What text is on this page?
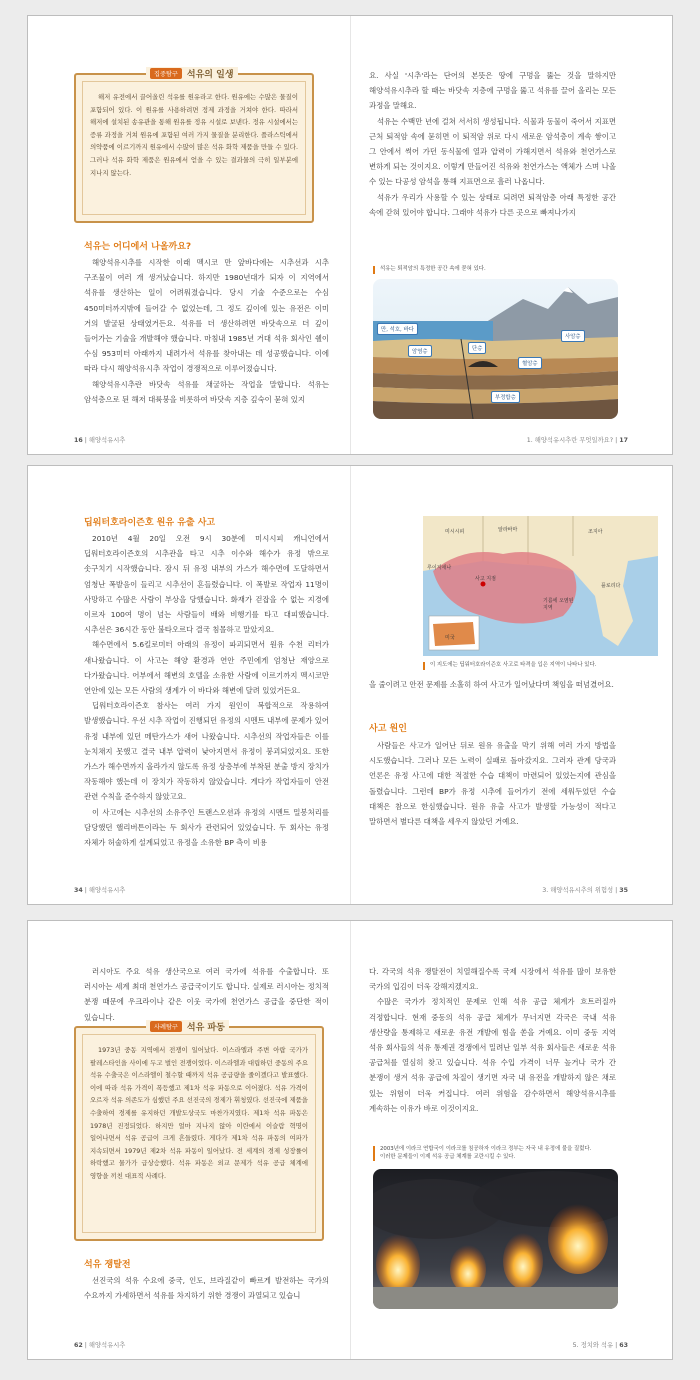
집중탐구	석유의 일생
해저 유전에서 끌어올린 석유를 원유라고 한다. 원유에는 수많은 물질이 포함되어 있다. 이 원유를 사용하려면 정제 과정을 거쳐야 한다. 따라서 해저에 설치된 송유관을 통해 원유를 정유 시설로 보낸다. 정유 시설에서는 증류 과정을 거쳐 원유에 포함된 여러 가지 물질을 분리한다. 플라스틱에서 의약품에 이르기까지 원유에서 수많이 많은 석유 화학 제품을 만들 수 있다. 그러나 석유 화학 제품은 원유에서 얻을 수 있는 결과물의 극히 일부분에 지나지 않는다.
석유는 어디에서 나올까요?

해양석유시추를 시작한 이래 멕시코 만 앞바다에는 시추선과 시추 구조물이 여러 개 생겨났습니다. 하지만 1980년대가 되자 이 지역에서 석유를 생산하는 일이 어려워졌습니다. 당시 기술 수준으로는 수심 450미터까지밖에 들어갈 수 없었는데, 그 정도 깊이에 있는 유전은 이미 거의 발굴된 상태였거든요. 석유를 더 생산하려면 바닷속으로 더 깊이 들어가는 기술을 개발해야 했습니다. 마침내 1985년 거대 석유 회사인 쉘이 수심 953미터 아래까지 내려가서 석유를 찾아내는 데 성공했습니다. 이에 따라 다시 해양석유시추 작업이 경쟁적으로 이루어졌습니다.

해양석유시추란 바닷속 석유를 채굴하는 작업을 말합니다. 석유는 암석층으로 된 해저 대륙붕을 비롯하여 바닷속 지층 깊숙이 묻혀 있지

16 | 해양석유시추

요. 사실 '시추'라는 단어의 본뜻은 땅에 구멍을 뚫는 것을 말하지만 해양석유시추라 할 때는 바닷속 지층에 구멍을 뚫고 석유를 끌어 올리는 모든 과정을 말해요.

석유는 수백만 년에 걸쳐 서서히 생성됩니다. 식물과 동물이 죽어서 지표면 근처 퇴적암 속에 묻히면 이 퇴적암 위로 다시 새로운 암석층이 계속 쌓이고 그 안에서 썩어 가던 동식물에 열과 압력이 가해지면서 석유와 천연가스로 변하게 되는 것이지요. 이렇게 만들어진 석유와 천연가스는 액체가 스며 나올 수 있는 다공성 암석을 통해 지표면으로 흘러 나옵니다.

석유가 우리가 사용할 수 있는 상태로 되려면 퇴적암층 아래 특정한 공간 속에 갇혀 있어야 합니다. 그래야 석유가 다른 곳으로 빠져나가지

석유는 퇴적암의 특정한 공간 속에 묻혀 있다.
만, 석호, 바다
암염층	단층
사암층
혈암층
부정합층
1. 해양석유시추란 무엇일까요? | 17
딥워터호라이즌호 원유 유출 사고

2010년 4월 20일 오전 9시 30분에 미시시피 캐니언에서 딥워터호라이즌호의 시추관을 타고 시추 이수와 해수가 유정 밖으로 솟구치기 시작했습니다. 잠시 뒤 유정 내부의 가스가 해수면에 도달하면서 엄청난 폭발음이 들리고 시추선이 흔들렸습니다. 이 폭발로 작업자 11명이 사망하고 수많은 사람이 부상을 당했습니다. 화재가 걷잡을 수 없는 지경에 이르자 100여 명이 넘는 사람들이 배와 비행기를 타고 대피했습니다. 시추선은 36시간 동안 불타오르다 결국 침몰하고 말았지요.

해수면에서 5.6킬로미터 아래의 유정이 파괴되면서 원유 수천 리터가 새나왔습니다. 이 사고는 해양 환경과 연안 주민에게 엄청난 재앙으로 다가왔습니다. 어부에서 해변의 호텔을 소유한 사람에 이르기까지 멕시코만 연안에 있는 모든 사람의 생계가 이 바다와 해변에 달려 있었거든요.

딥워터호라이즌호 참사는 여러 가지 원인이 복합적으로 작용하여 발생했습니다. 우선 시추 작업이 진행되던 유정의 시멘트 내부에 문제가 있어 유정 내부에 있던 메탄가스가 새어 나왔습니다. 시추선의 작업자들은 이를 눈치채지 못했고 결국 내부 압력이 낮아지면서 유정이 붕괴되었지요. 또한 가스가 해수면까지 올라가지 않도록 유정 상층부에 부착된 분출 방지 장치가 작동해야 했는데 이 장치가 작동하지 않았습니다. 게다가 작업자들이 안전 관련 수칙을 준수하지 않았고요.

이 사고에는 시추선의 소유주인 트랜스오션과 유정의 시멘트 밀봉처리를 담당했던 핼리버튼이라는 두 회사가 관련되어 있었습니다. 두 회사는 유정 자체가 허술하게 설계되었고 유정을 소유한 BP 측이 비용

34 | 해양석유시추
미시시피	알라바마	조지아
루이지애나
사고 지점
플로리다
기름에 오염된 지역
미국
이 지도에는 딥워터호라이즌호 사고로 타격을 입은 지역이 나타나 있다.

을 줄이려고 안전 문제를 소홀히 하여 사고가 일어났다며 책임을 떠넘겼어요.

사고 원인

사람들은 사고가 일어난 뒤로 원유 유출을 막기 위해 여러 가지 방법을 시도했습니다. 그러나 모든 노력이 실패로 돌아갔지요. 그러자 관계 당국과 언론은 유정 사고에 대한 적절한 수습 대책이 마련되어 있었는지에 관심을 돌렸습니다. 그런데 BP가 유정 시추에 들어가기 전에 세워두었던 수습 대책은 참으로 한심했습니다. 원유 유출 사고가 발생할 가능성이 적다고 말하면서 별다른 대책을 세우지 않았던 거예요.

3. 해양석유시추의 위험성 | 35

러시아도 주요 석유 생산국으로 여러 국가에 석유를 수출합니다. 또 러시아는 세계 최대 천연가스 공급국이기도 합니다. 실제로 러시아는 정치적 분쟁 때문에 우크라이나 같은 이웃 국가에 천연가스 공급을 중단한 적이 있습니다.

사례탐구	석유 파동
1973년 중동 지역에서 전쟁이 일어났다. 이스라엘과 주변 아랍 국가가 팔레스타인을 사이에 두고 벌인 전쟁이었다. 이스라엘과 대립하던 중동의 주요 석유 수출국은 이스라엘이 철수할 때까지 석유 공급량을 줄이겠다고 발표했다. 이에 따라 석유 가격이 폭등했고 제1차 석유 파동으로 이어졌다. 석유 가격이 오르자 석유 의존도가 심했던 주요 선진국의 경제가 휘청였다. 선진국에 제품을 수출하여 경제를 유지하던 개발도상국도 마찬가지였다. 제1차 석유 파동은 1978년 진정되었다. 하지만 얼마 지나지 않아 이란에서 이슬람 혁명이 일어나면서 석유 공급이 크게 흔들렸다. 게다가 제1차 석유 파동의 여파가 지속되면서 1979년 제2차 석유 파동이 일어났다. 전 세계의 경제 성장률이 하락했고 물가가 급상승했다. 석유 파동은 외교 문제가 석유 공급 체계에 영향을 끼친 대표적 사례다.
석유 쟁탈전

선진국의 석유 수요에 중국, 인도, 브라질같이 빠르게 발전하는 국가의 수요까지 가세하면서 석유를 차지하기 위한 경쟁이 과열되고 있습니

62 | 해양석유시추

다. 각국의 석유 쟁탈전이 치열해질수록 국제 시장에서 석유를 많이 보유한 국가의 입김이 더욱 강해지겠지요.

수많은 국가가 정치적인 문제로 인해 석유 공급 체계가 흐트러질까 걱정합니다. 현재 중동의 석유 공급 체계가 무너지면 각국은 국내 석유 생산량을 통제하고 새로운 유전 개발에 힘을 쏟을 거예요. 이미 중동 지역 석유 회사들의 석유 통제권 경쟁에서 밀려난 일부 석유 회사들은 새로운 석유 공급처를 열심히 찾고 있습니다. 석유 수입 가격이 너무 높거나 국가 간 분쟁이 생겨 석유 공급에 차질이 생기면 자국 내 유전을 개발하지 않은 채로 있는 위험이 더욱 커집니다. 여러 위험을 감수하면서 해양석유시추를 계속하는 이유가 바로 이것이지요.

2003년에 이라크 연합국이 이라크를 침공하자 이라크 정부는 자국 내 유정에 불을 질렀다. 이러한 문제들이 이제 석유 공급 체계를 교란시킬 수 있다.
5. 정치와 석유 | 63
